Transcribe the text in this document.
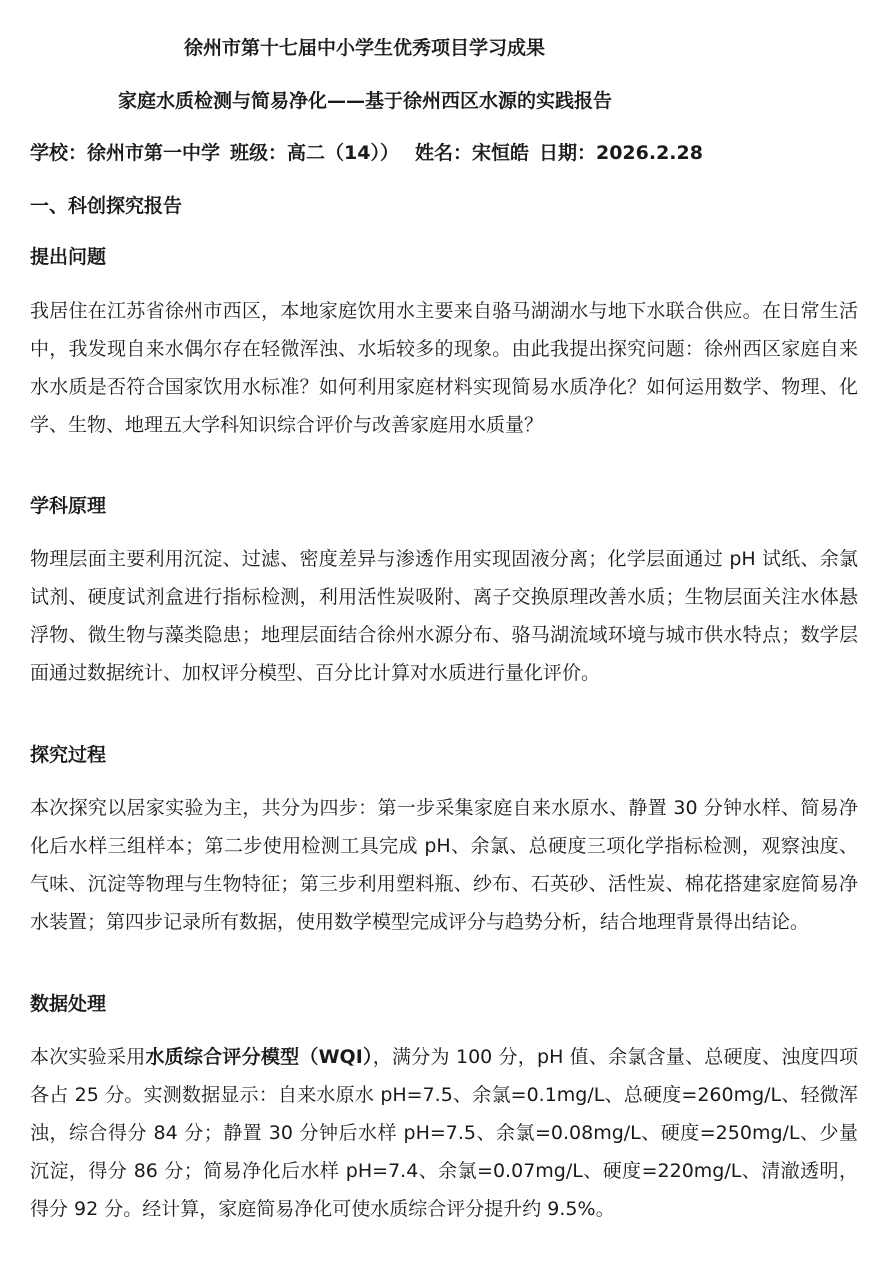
徐州市第十七届中小学生优秀项目学习成果
家庭水质检测与简易净化——基于徐州西区水源的实践报告
学校：徐州市第一中学 班级：高二（14）） 姓名：宋恒皓 日期：2026.2.28
一、科创探究报告
提出问题
我居住在江苏省徐州市西区，本地家庭饮用水主要来自骆马湖湖水与地下水联合供应。在日常生活中，我发现自来水偶尔存在轻微浑浊、水垢较多的现象。由此我提出探究问题：徐州西区家庭自来水水质是否符合国家饮用水标准？如何利用家庭材料实现简易水质净化？如何运用数学、物理、化学、生物、地理五大学科知识综合评价与改善家庭用水质量？
学科原理
物理层面主要利用沉淀、过滤、密度差异与渗透作用实现固液分离；化学层面通过 pH 试纸、余氯试剂、硬度试剂盒进行指标检测，利用活性炭吸附、离子交换原理改善水质；生物层面关注水体悬浮物、微生物与藻类隐患；地理层面结合徐州水源分布、骆马湖流域环境与城市供水特点；数学层面通过数据统计、加权评分模型、百分比计算对水质进行量化评价。
探究过程
本次探究以居家实验为主，共分为四步：第一步采集家庭自来水原水、静置 30 分钟水样、简易净化后水样三组样本；第二步使用检测工具完成 pH、余氯、总硬度三项化学指标检测，观察浊度、气味、沉淀等物理与生物特征；第三步利用塑料瓶、纱布、石英砂、活性炭、棉花搭建家庭简易净水装置；第四步记录所有数据，使用数学模型完成评分与趋势分析，结合地理背景得出结论。
数据处理
本次实验采用水质综合评分模型（WQI），满分为 100 分，pH 值、余氯含量、总硬度、浊度四项各占 25 分。实测数据显示：自来水原水 pH=7.5、余氯=0.1mg/L、总硬度=260mg/L、轻微浑浊，综合得分 84 分；静置 30 分钟后水样 pH=7.5、余氯=0.08mg/L、硬度=250mg/L、少量沉淀，得分 86 分；简易净化后水样 pH=7.4、余氯=0.07mg/L、硬度=220mg/L、清澈透明，得分 92 分。经计算，家庭简易净化可使水质综合评分提升约 9.5%。
